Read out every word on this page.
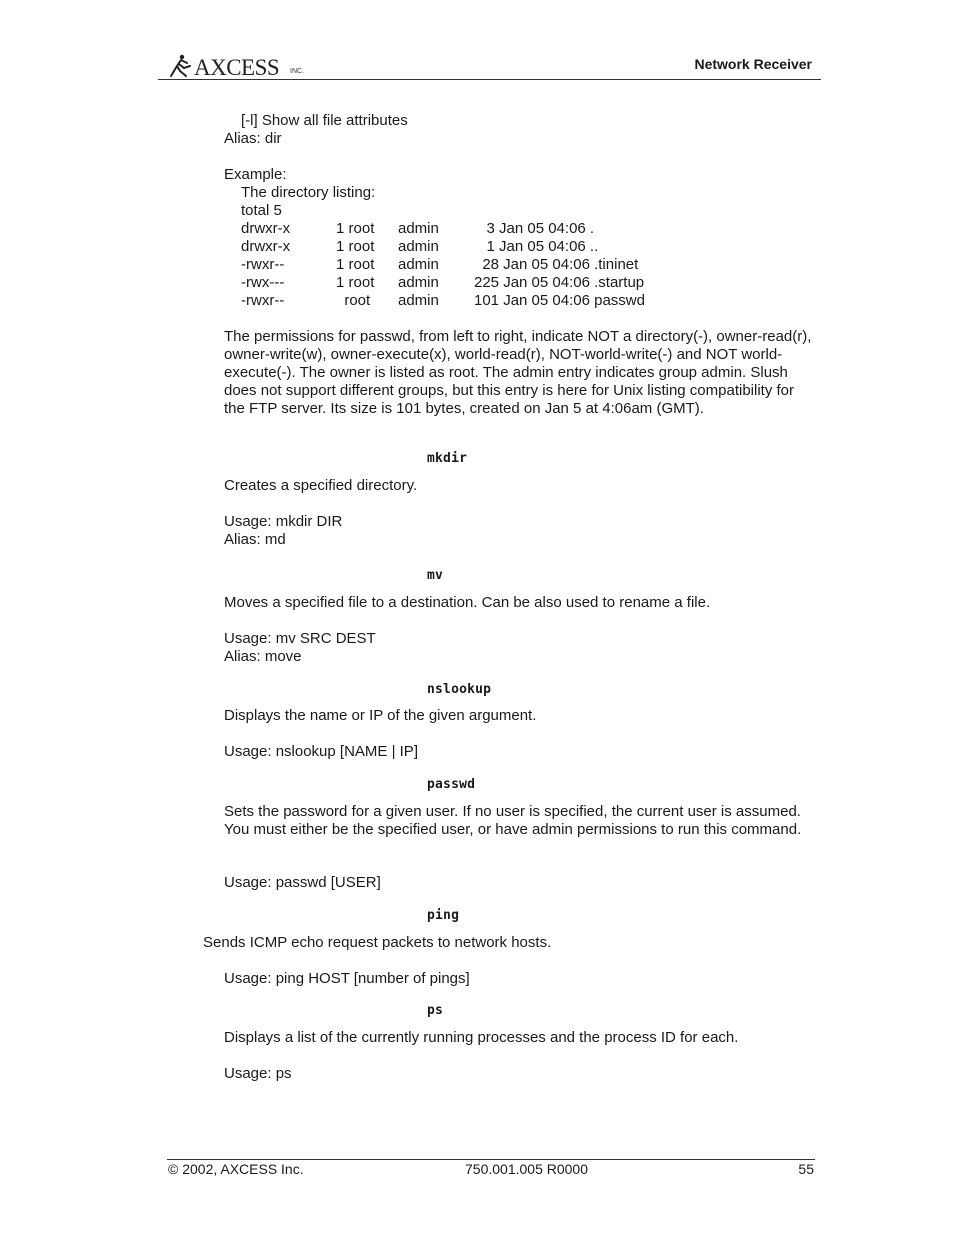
AXCESS INC.	Network Receiver
[-l] Show all file attributes
Alias: dir
Example:
The directory listing:
total 5
drwxr-x	1 root admin 3 Jan 05 04:06 .
drwxr-x	1 root admin 1 Jan 05 04:06 ..
-rwxr--	1 root admin 28 Jan 05 04:06 .tininet
-rwx---	1 root admin 225 Jan 05 04:06 .startup
-rwxr--	root admin 101 Jan 05 04:06 passwd
The permissions for passwd, from left to right, indicate NOT a directory(-), owner-read(r), owner-write(w), owner-execute(x), world-read(r), NOT-world-write(-) and NOT world-execute(-). The owner is listed as root. The admin entry indicates group admin. Slush does not support different groups, but this entry is here for Unix listing compatibility for the FTP server. Its size is 101 bytes, created on Jan 5 at 4:06am (GMT).
mkdir
Creates a specified directory.
Usage: mkdir DIR
Alias: md
mv
Moves a specified file to a destination. Can be also used to rename a file.
Usage: mv SRC DEST
Alias: move
nslookup
Displays the name or IP of the given argument.
Usage: nslookup [NAME | IP]
passwd
Sets the password for a given user. If no user is specified, the current user is assumed. You must either be the specified user, or have admin permissions to run this command.
Usage: passwd [USER]
ping
Sends ICMP echo request packets to network hosts.
Usage: ping HOST [number of pings]
ps
Displays a list of the currently running processes and the process ID for each.
Usage: ps
© 2002, AXCESS Inc.	750.001.005 R0000	55
